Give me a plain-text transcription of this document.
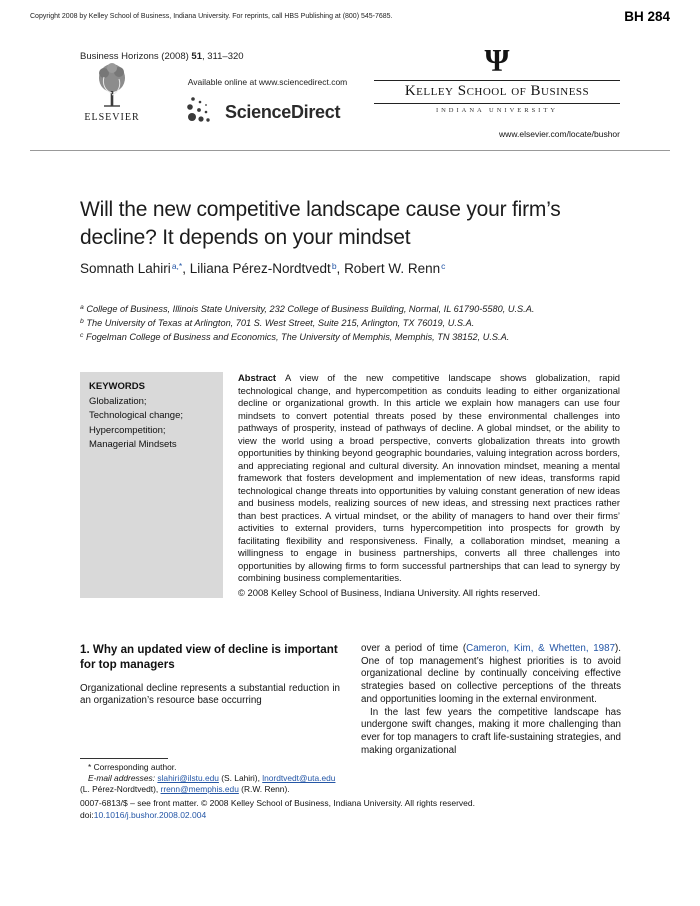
Copyright 2008 by Kelley School of Business, Indiana University. For reprints, call HBS Publishing at (800) 545-7685.	BH 284
Business Horizons (2008) 51, 311–320
ELSEVIER
Available online at www.sciencedirect.com
ScienceDirect
Ψ
Kelley School of Business
INDIANA UNIVERSITY
www.elsevier.com/locate/bushor
Will the new competitive landscape cause your firm’s decline? It depends on your mindset
Somnath Lahiri$^{a,*}$, Liliana Pérez-Nordtvedt$^b$, Robert W. Renn$^c$
$^a$ College of Business, Illinois State University, 232 College of Business Building, Normal, IL 61790-5580, U.S.A.
$^b$ The University of Texas at Arlington, 701 S. West Street, Suite 215, Arlington, TX 76019, U.S.A.
$^c$ Fogelman College of Business and Economics, The University of Memphis, Memphis, TN 38152, U.S.A.
KEYWORDS
Globalization;
Technological change;
Hypercompetition;
Managerial Mindsets

Abstract A view of the new competitive landscape shows globalization, rapid technological change, and hypercompetition as conduits leading to either organizational decline or organizational growth. In this article we explain how managers can use four mindsets to convert potential threats posed by these environmental challenges into pathways of prosperity, instead of pathways of decline. A global mindset, or the ability to view the world using a broad perspective, converts globalization threats into growth opportunities by thinking beyond geographic boundaries, valuing integration across borders, and appreciating regional and cultural diversity. An innovation mindset, meaning a mental framework that fosters development and implementation of new ideas, transforms rapid technological change threats into opportunities by valuing constant generation of new ideas and business models, realizing sources of new ideas, and stressing next practices rather than best practices. A virtual mindset, or the ability of managers to hand over their firms’ activities to external providers, turns hypercompetition into prospects for growth by facilitating flexibility and responsiveness. Finally, a collaboration mindset, meaning a willingness to engage in business partnerships, converts all three challenges into opportunities by allowing firms to form successful partnerships that can lead to synergy by combining business complementarities.

© 2008 Kelley School of Business, Indiana University. All rights reserved.
1. Why an updated view of decline is important for top managers

Organizational decline represents a substantial reduction in an organization’s resource base occurring

* Corresponding author.

E-mail addresses: slahiri@ilstu.edu (S. Lahiri), lnordtvedt@uta.edu (L. Pérez-Nordtvedt), rrenn@memphis.edu (R.W. Renn).

over a period of time (Cameron, Kim, & Whetten, 1987). One of top management’s highest priorities is to avoid organizational decline by continually conceiving effective strategies based on collective perceptions of the threats and opportunities looming in the external environment.

In the last few years the competitive landscape has undergone swift changes, making it more challenging than ever for top managers to craft life-sustaining strategies, and making organizational

0007-6813/$ – see front matter. © 2008 Kelley School of Business, Indiana University. All rights reserved.
doi:10.1016/j.bushor.2008.02.004
